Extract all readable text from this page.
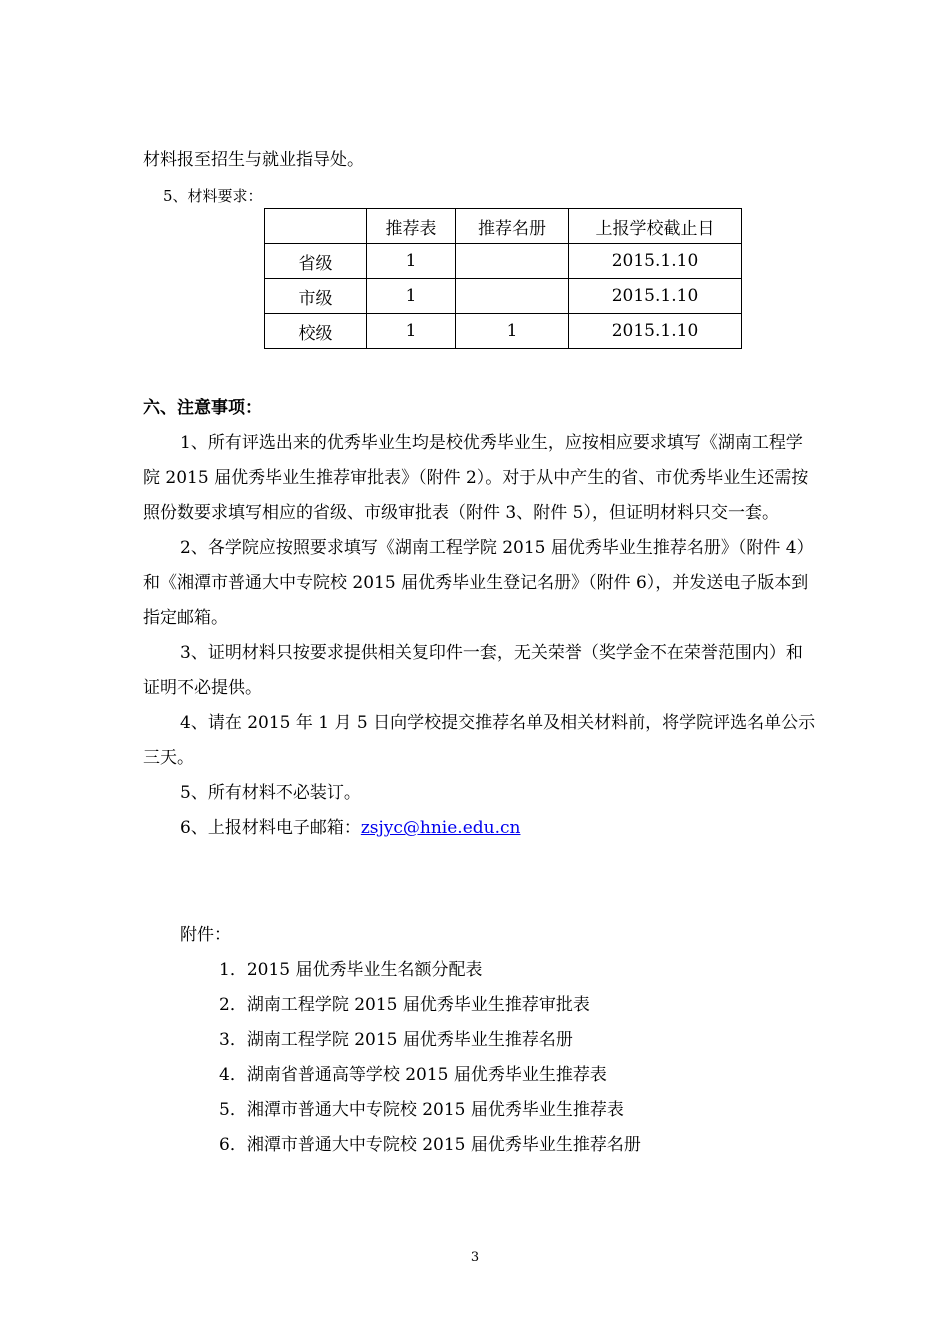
材料报至招生与就业指导处。
5、材料要求：
	推荐表	推荐名册	上报学校截止日
省级	1		2015.1.10
市级	1		2015.1.10
校级	1	1	2015.1.10
六、注意事项：
1、所有评选出来的优秀毕业生均是校优秀毕业生，应按相应要求填写《湖南工程学
院 2015 届优秀毕业生推荐审批表》（附件 2）。对于从中产生的省、市优秀毕业生还需按
照份数要求填写相应的省级、市级审批表（附件 3、附件 5），但证明材料只交一套。
2、各学院应按照要求填写《湖南工程学院 2015 届优秀毕业生推荐名册》（附件 4）
和《湘潭市普通大中专院校 2015 届优秀毕业生登记名册》（附件 6），并发送电子版本到
指定邮箱。
3、证明材料只按要求提供相关复印件一套，无关荣誉（奖学金不在荣誉范围内）和
证明不必提供。
4、请在 2015 年 1 月 5 日向学校提交推荐名单及相关材料前，将学院评选名单公示
三天。
5、所有材料不必装订。
6、上报材料电子邮箱：zsjyc@hnie.edu.cn
附件：
1．2015 届优秀毕业生名额分配表
2．湖南工程学院 2015 届优秀毕业生推荐审批表
3．湖南工程学院 2015 届优秀毕业生推荐名册
4．湖南省普通高等学校 2015 届优秀毕业生推荐表
5．湘潭市普通大中专院校 2015 届优秀毕业生推荐表
6．湘潭市普通大中专院校 2015 届优秀毕业生推荐名册
3
